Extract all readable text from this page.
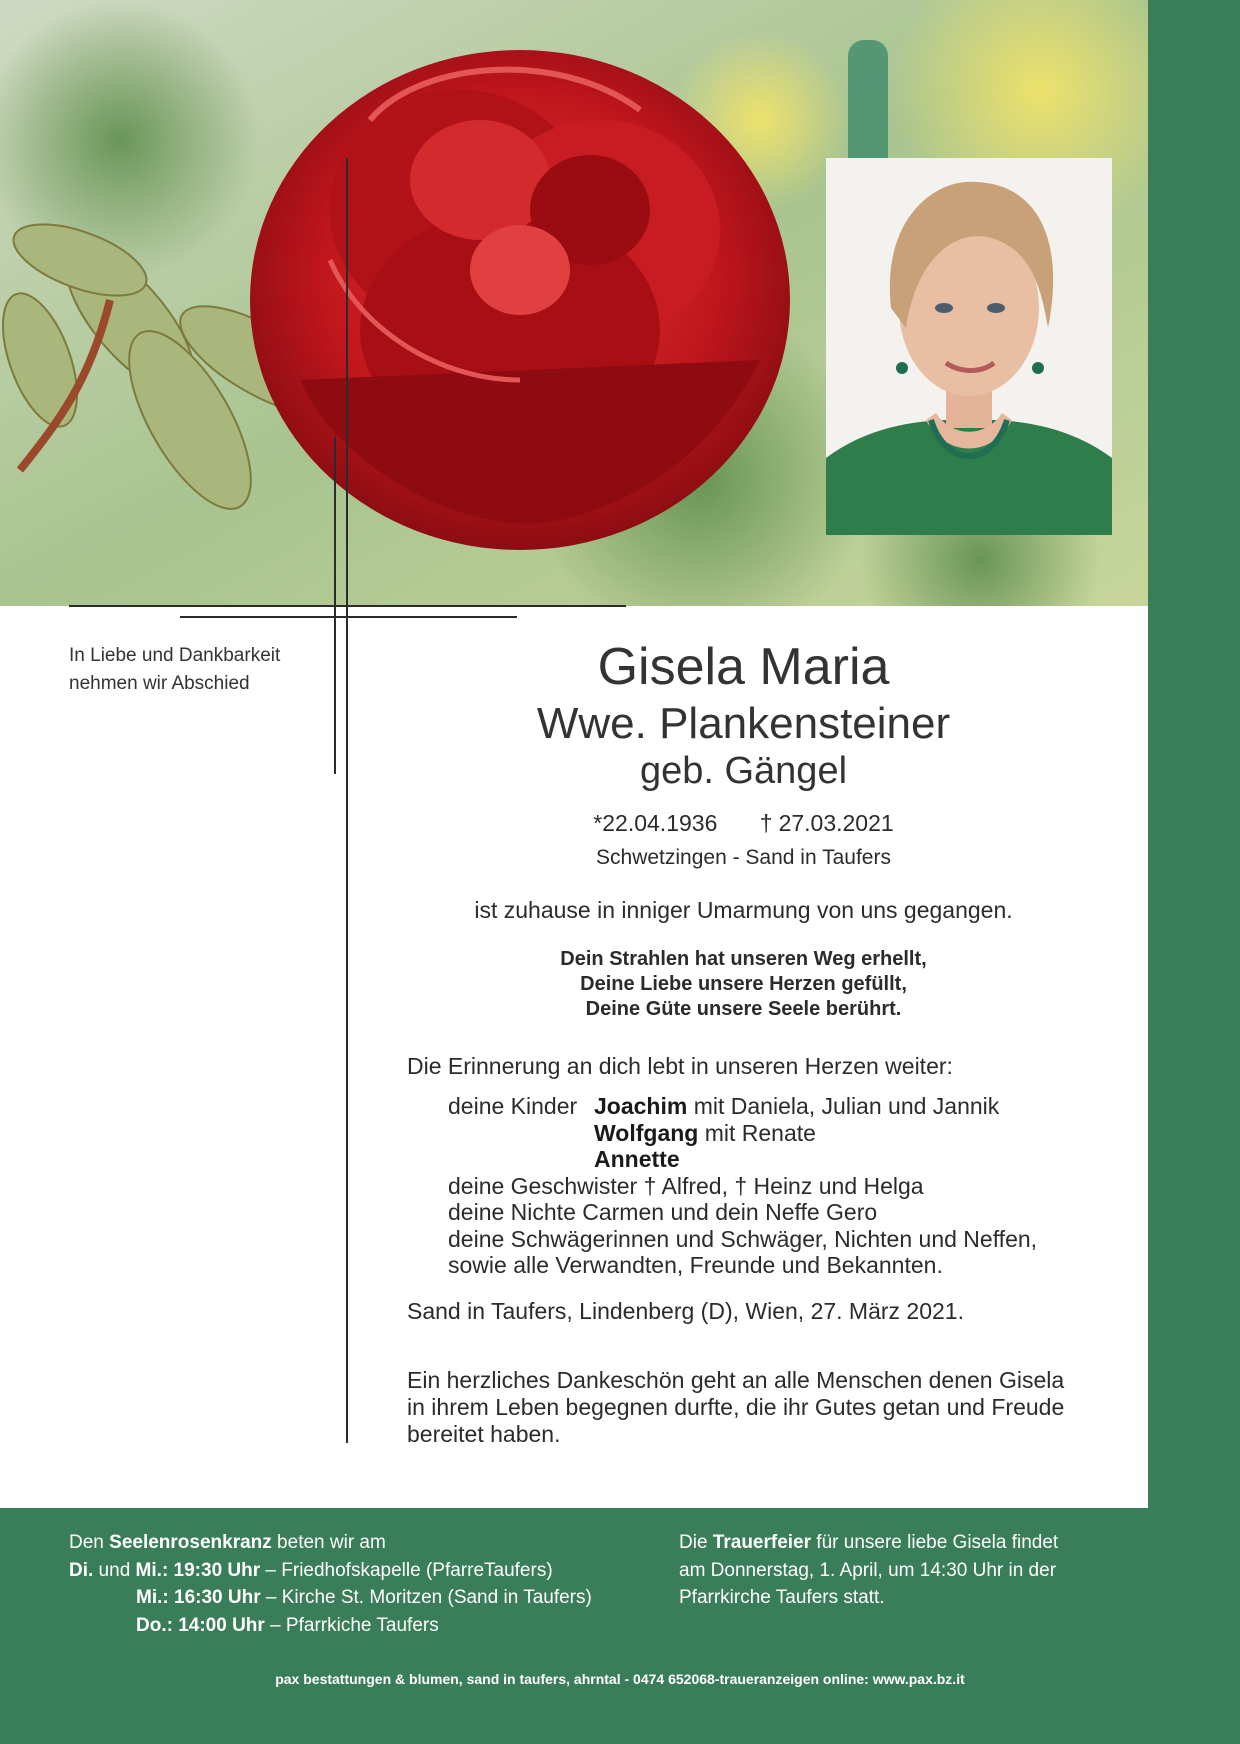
In Liebe und Dankbarkeit
nehmen wir Abschied	Gisela Maria
Wwe. Plankensteiner
geb. Gängel
*22.04.1936 † 27.03.2021
Schwetzingen - Sand in Taufers
ist zuhause in inniger Umarmung von uns gegangen.
Dein Strahlen hat unseren Weg erhellt,
Deine Liebe unsere Herzen gefüllt,
Deine Güte unsere Seele berührt.
Die Erinnerung an dich lebt in unseren Herzen weiter:
deine Kinder Joachim mit Daniela, Julian und Jannik
Wolfgang mit Renate
Annette
deine Geschwister † Alfred, † Heinz und Helga
deine Nichte Carmen und dein Neffe Gero
deine Schwägerinnen und Schwäger, Nichten und Neffen,
sowie alle Verwandten, Freunde und Bekannten.
Sand in Taufers, Lindenberg (D), Wien, 27. März 2021.
Ein herzliches Dankeschön geht an alle Menschen denen Gisela
in ihrem Leben begegnen durfte, die ihr Gutes getan und Freude
bereitet haben.
Den Seelenrosenkranz beten wir am
Di. und Mi.: 19:30 Uhr – Friedhofskapelle (PfarreTaufers)
Mi.: 16:30 Uhr – Kirche St. Moritzen (Sand in Taufers)
Do.: 14:00 Uhr – Pfarrkiche Taufers
Die Trauerfeier für unsere liebe Gisela findet
am Donnerstag, 1. April, um 14:30 Uhr in der
Pfarrkirche Taufers statt.
pax bestattungen & blumen, sand in taufers, ahrntal - 0474 652068-traueranzeigen online: www.pax.bz.it
